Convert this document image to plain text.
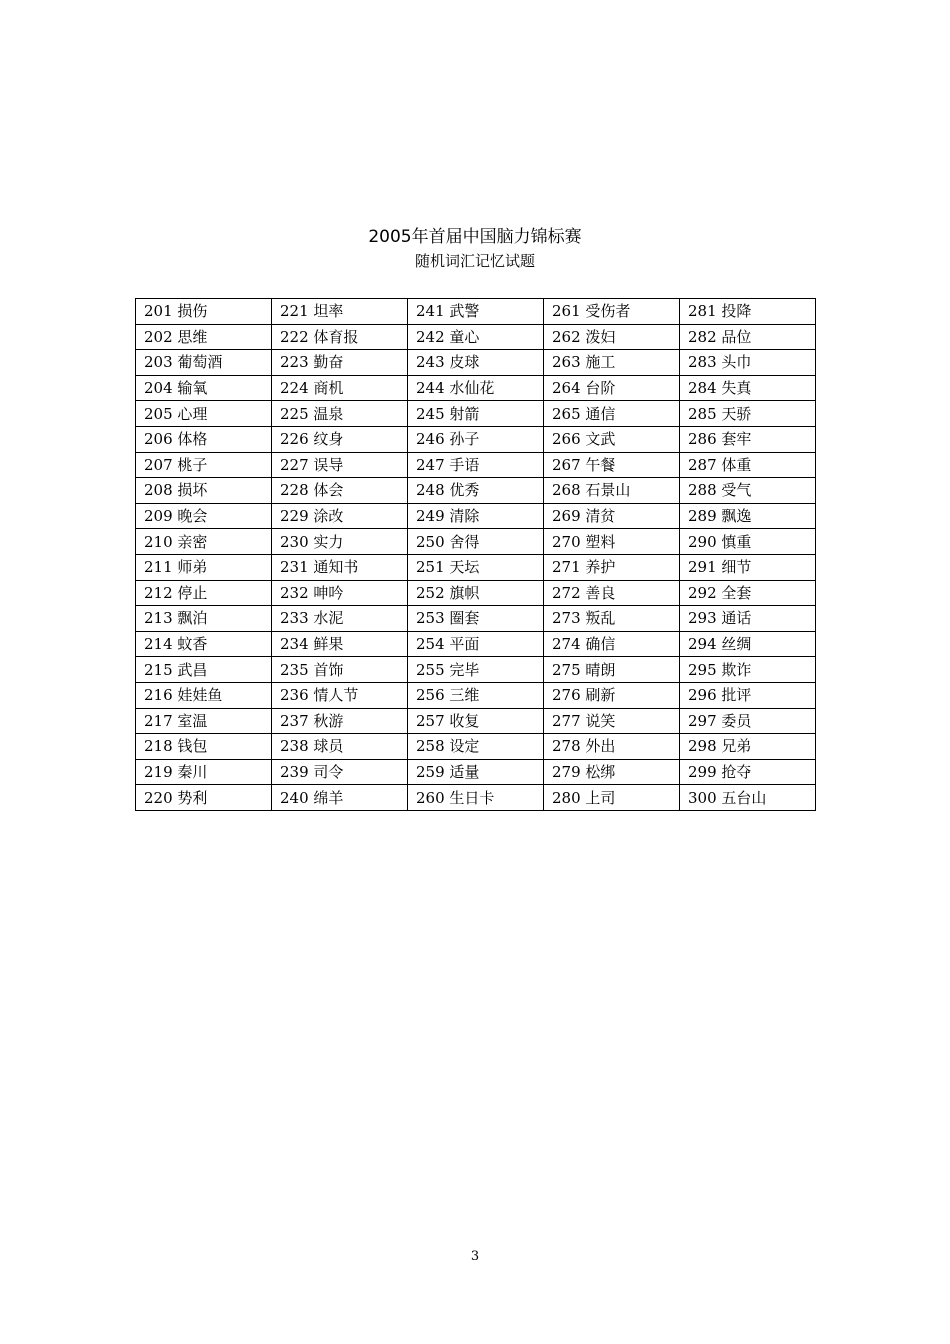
2005年首届中国脑力锦标赛
随机词汇记忆试题
201 损伤	221 坦率	241 武警	261 受伤者	281 投降
202 思维	222 体育报	242 童心	262 泼妇	282 品位
203 葡萄酒	223 勤奋	243 皮球	263 施工	283 头巾
204 输氧	224 商机	244 水仙花	264 台阶	284 失真
205 心理	225 温泉	245 射箭	265 通信	285 天骄
206 体格	226 纹身	246 孙子	266 文武	286 套牢
207 桃子	227 误导	247 手语	267 午餐	287 体重
208 损坏	228 体会	248 优秀	268 石景山	288 受气
209 晚会	229 涂改	249 清除	269 清贫	289 飘逸
210 亲密	230 实力	250 舍得	270 塑料	290 慎重
211 师弟	231 通知书	251 天坛	271 养护	291 细节
212 停止	232 呻吟	252 旗帜	272 善良	292 全套
213 飘泊	233 水泥	253 圈套	273 叛乱	293 通话
214 蚊香	234 鲜果	254 平面	274 确信	294 丝绸
215 武昌	235 首饰	255 完毕	275 晴朗	295 欺诈
216 娃娃鱼	236 情人节	256 三维	276 刷新	296 批评
217 室温	237 秋游	257 收复	277 说笑	297 委员
218 钱包	238 球员	258 设定	278 外出	298 兄弟
219 秦川	239 司令	259 适量	279 松绑	299 抢夺
220 势利	240 绵羊	260 生日卡	280 上司	300 五台山
3
